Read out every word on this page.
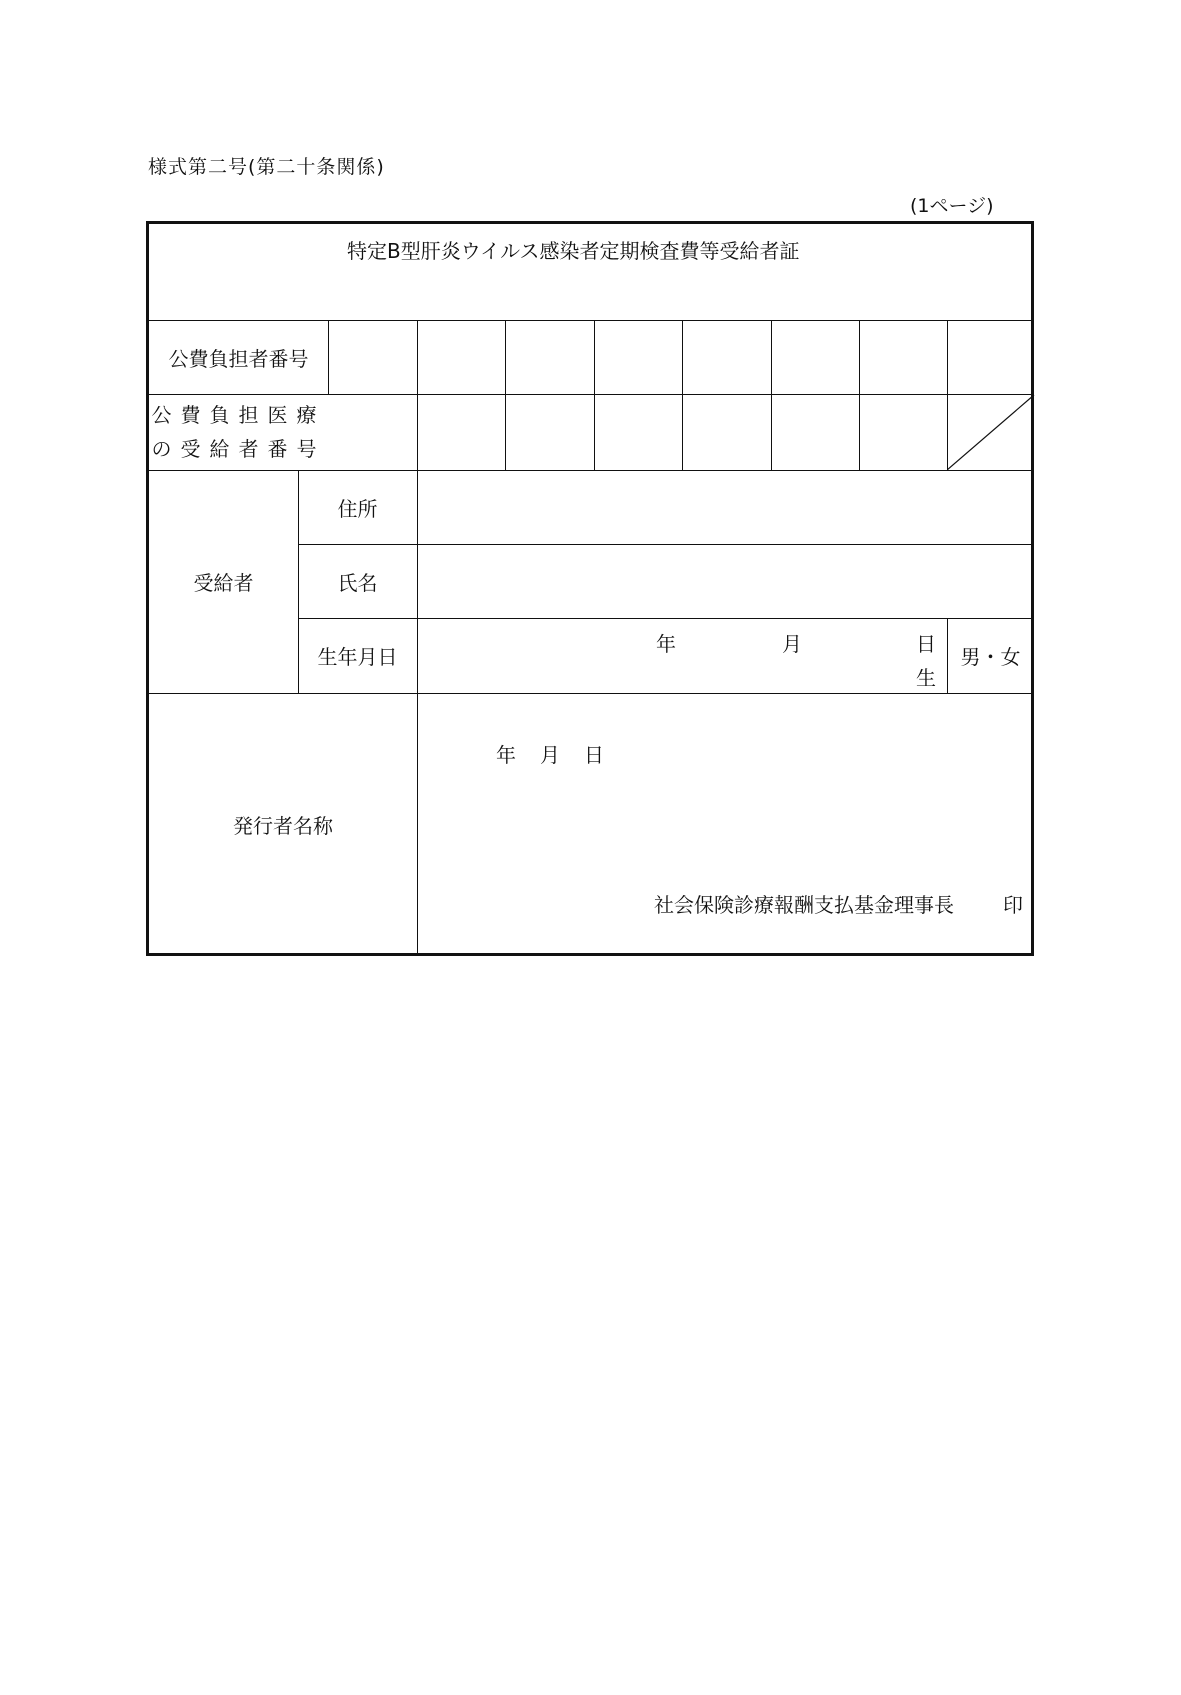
様式第二号(第二十条関係)
(1ページ)
特定B型肝炎ウイルス感染者定期検査費等受給者証
公費負担者番号
公費負担医療
の受給者番号
受給者
住所
氏名
生年月日
年	月	日
生
男・女
発行者名称
年 月 日
社会保険診療報酬支払基金理事長 印
